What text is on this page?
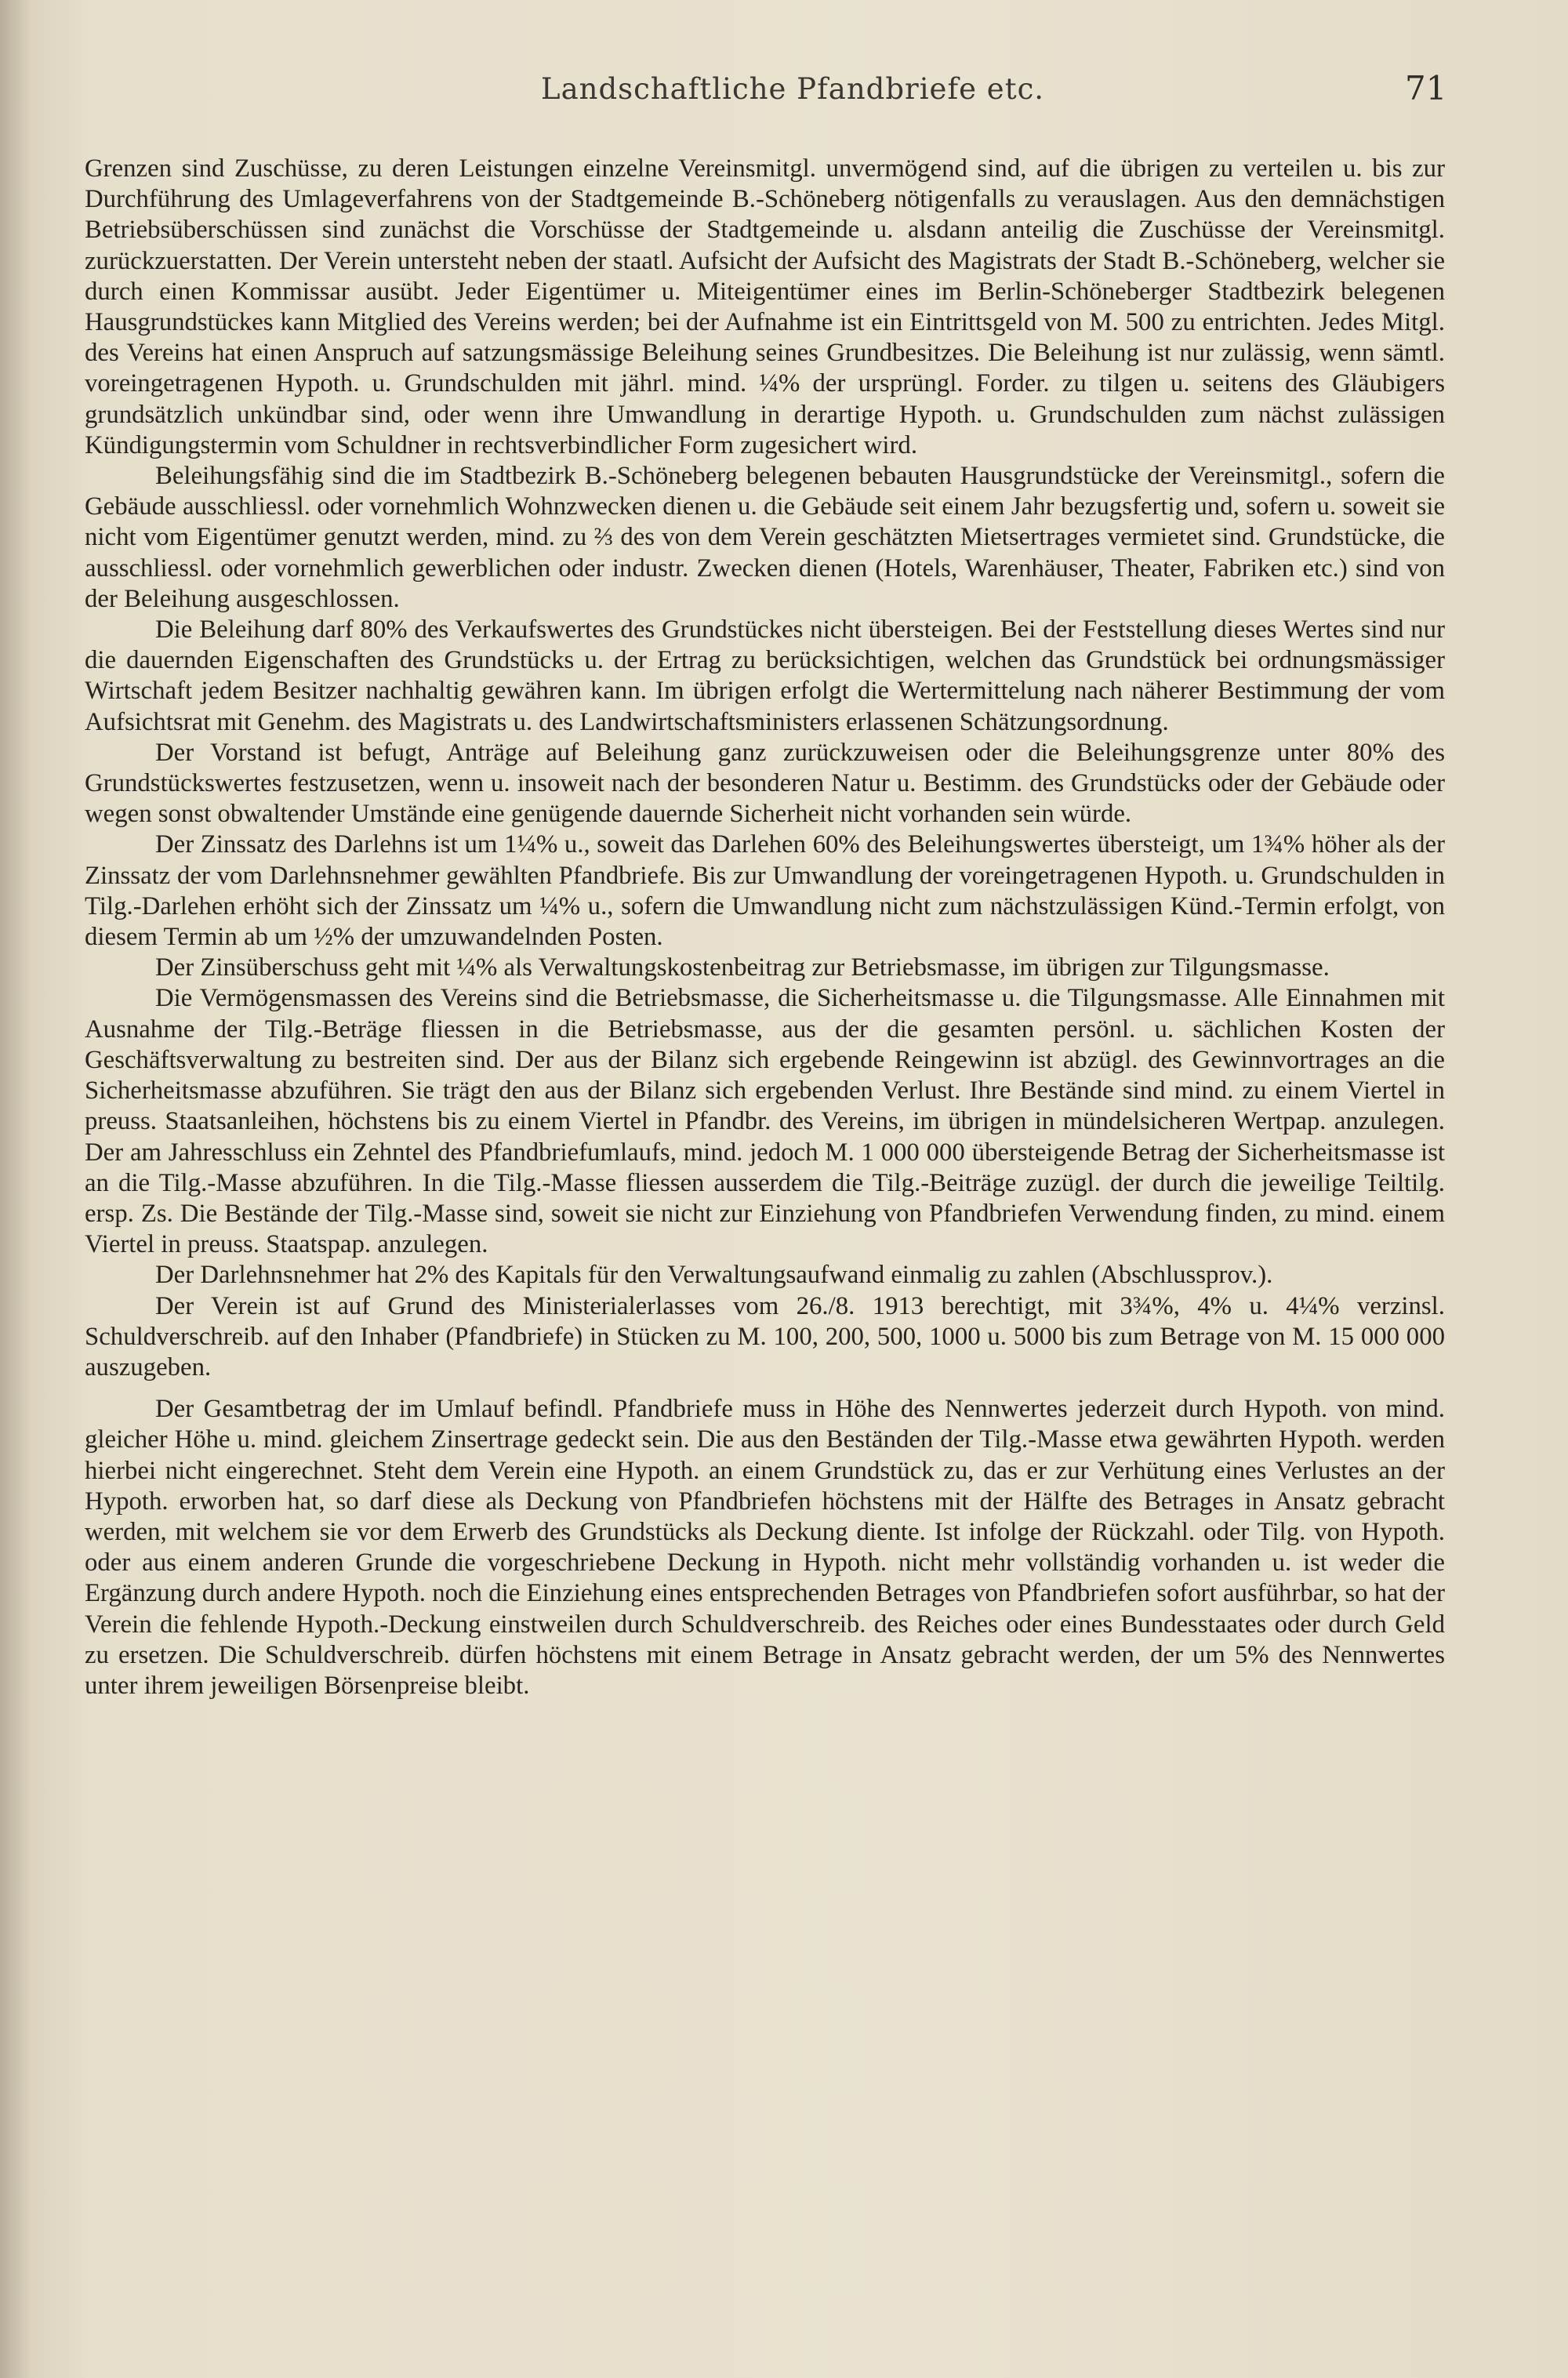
Landschaftliche Pfandbriefe etc.	71

Grenzen sind Zuschüsse, zu deren Leistungen einzelne Vereinsmitgl. unvermögend sind, auf die übrigen zu verteilen u. bis zur Durchführung des Umlageverfahrens von der Stadtgemeinde B.-Schöneberg nötigenfalls zu verauslagen. Aus den demnächstigen Betriebsüberschüssen sind zunächst die Vorschüsse der Stadtgemeinde u. alsdann anteilig die Zuschüsse der Vereinsmitgl. zurückzuerstatten. Der Verein untersteht neben der staatl. Aufsicht der Aufsicht des Magistrats der Stadt B.-Schöneberg, welcher sie durch einen Kommissar ausübt. Jeder Eigentümer u. Miteigentümer eines im Berlin-Schöneberger Stadtbezirk belegenen Hausgrundstückes kann Mitglied des Vereins werden; bei der Aufnahme ist ein Eintrittsgeld von M. 500 zu entrichten. Jedes Mitgl. des Vereins hat einen Anspruch auf satzungsmässige Beleihung seines Grundbesitzes. Die Beleihung ist nur zulässig, wenn sämtl. voreingetragenen Hypoth. u. Grundschulden mit jährl. mind. ¼% der ursprüngl. Forder. zu tilgen u. seitens des Gläubigers grundsätzlich unkündbar sind, oder wenn ihre Umwandlung in derartige Hypoth. u. Grundschulden zum nächst zulässigen Kündigungstermin vom Schuldner in rechtsverbindlicher Form zugesichert wird.

Beleihungsfähig sind die im Stadtbezirk B.-Schöneberg belegenen bebauten Hausgrundstücke der Vereinsmitgl., sofern die Gebäude ausschliessl. oder vornehmlich Wohnzwecken dienen u. die Gebäude seit einem Jahr bezugsfertig und, sofern u. soweit sie nicht vom Eigentümer genutzt werden, mind. zu ⅔ des von dem Verein geschätzten Mietsertrages vermietet sind. Grundstücke, die ausschliessl. oder vornehmlich gewerblichen oder industr. Zwecken dienen (Hotels, Warenhäuser, Theater, Fabriken etc.) sind von der Beleihung ausgeschlossen.

Die Beleihung darf 80% des Verkaufswertes des Grundstückes nicht übersteigen. Bei der Feststellung dieses Wertes sind nur die dauernden Eigenschaften des Grundstücks u. der Ertrag zu berücksichtigen, welchen das Grundstück bei ordnungsmässiger Wirtschaft jedem Besitzer nachhaltig gewähren kann. Im übrigen erfolgt die Wertermittelung nach näherer Bestimmung der vom Aufsichtsrat mit Genehm. des Magistrats u. des Landwirtschaftsministers erlassenen Schätzungsordnung.

Der Vorstand ist befugt, Anträge auf Beleihung ganz zurückzuweisen oder die Beleihungsgrenze unter 80% des Grundstückswertes festzusetzen, wenn u. insoweit nach der besonderen Natur u. Bestimm. des Grundstücks oder der Gebäude oder wegen sonst obwaltender Umstände eine genügende dauernde Sicherheit nicht vorhanden sein würde.

Der Zinssatz des Darlehns ist um 1¼% u., soweit das Darlehen 60% des Beleihungswertes übersteigt, um 1¾% höher als der Zinssatz der vom Darlehnsnehmer gewählten Pfandbriefe. Bis zur Umwandlung der voreingetragenen Hypoth. u. Grundschulden in Tilg.-Darlehen erhöht sich der Zinssatz um ¼% u., sofern die Umwandlung nicht zum nächstzulässigen Künd.-Termin erfolgt, von diesem Termin ab um ½% der umzuwandelnden Posten.

Der Zinsüberschuss geht mit ¼% als Verwaltungskostenbeitrag zur Betriebsmasse, im übrigen zur Tilgungsmasse.

Die Vermögensmassen des Vereins sind die Betriebsmasse, die Sicherheitsmasse u. die Tilgungsmasse. Alle Einnahmen mit Ausnahme der Tilg.-Beträge fliessen in die Betriebsmasse, aus der die gesamten persönl. u. sächlichen Kosten der Geschäftsverwaltung zu bestreiten sind. Der aus der Bilanz sich ergebende Reingewinn ist abzügl. des Gewinnvortrages an die Sicherheitsmasse abzuführen. Sie trägt den aus der Bilanz sich ergebenden Verlust. Ihre Bestände sind mind. zu einem Viertel in preuss. Staatsanleihen, höchstens bis zu einem Viertel in Pfandbr. des Vereins, im übrigen in mündelsicheren Wertpap. anzulegen. Der am Jahresschluss ein Zehntel des Pfandbriefumlaufs, mind. jedoch M. 1 000 000 übersteigende Betrag der Sicherheitsmasse ist an die Tilg.-Masse abzuführen. In die Tilg.-Masse fliessen ausserdem die Tilg.-Beiträge zuzügl. der durch die jeweilige Teiltilg. ersp. Zs. Die Bestände der Tilg.-Masse sind, soweit sie nicht zur Einziehung von Pfandbriefen Verwendung finden, zu mind. einem Viertel in preuss. Staatspap. anzulegen.

Der Darlehnsnehmer hat 2% des Kapitals für den Verwaltungsaufwand einmalig zu zahlen (Abschlussprov.).

Der Verein ist auf Grund des Ministerialerlasses vom 26./8. 1913 berechtigt, mit 3¾%, 4% u. 4¼% verzinsl. Schuldverschreib. auf den Inhaber (Pfandbriefe) in Stücken zu M. 100, 200, 500, 1000 u. 5000 bis zum Betrage von M. 15 000 000 auszugeben.

Der Gesamtbetrag der im Umlauf befindl. Pfandbriefe muss in Höhe des Nennwertes jederzeit durch Hypoth. von mind. gleicher Höhe u. mind. gleichem Zinsertrage gedeckt sein. Die aus den Beständen der Tilg.-Masse etwa gewährten Hypoth. werden hierbei nicht eingerechnet. Steht dem Verein eine Hypoth. an einem Grundstück zu, das er zur Verhütung eines Verlustes an der Hypoth. erworben hat, so darf diese als Deckung von Pfandbriefen höchstens mit der Hälfte des Betrages in Ansatz gebracht werden, mit welchem sie vor dem Erwerb des Grundstücks als Deckung diente. Ist infolge der Rückzahl. oder Tilg. von Hypoth. oder aus einem anderen Grunde die vorgeschriebene Deckung in Hypoth. nicht mehr vollständig vorhanden u. ist weder die Ergänzung durch andere Hypoth. noch die Einziehung eines entsprechenden Betrages von Pfandbriefen sofort ausführbar, so hat der Verein die fehlende Hypoth.-Deckung einstweilen durch Schuldverschreib. des Reiches oder eines Bundesstaates oder durch Geld zu ersetzen. Die Schuldverschreib. dürfen höchstens mit einem Betrage in Ansatz gebracht werden, der um 5% des Nennwertes unter ihrem jeweiligen Börsenpreise bleibt.
